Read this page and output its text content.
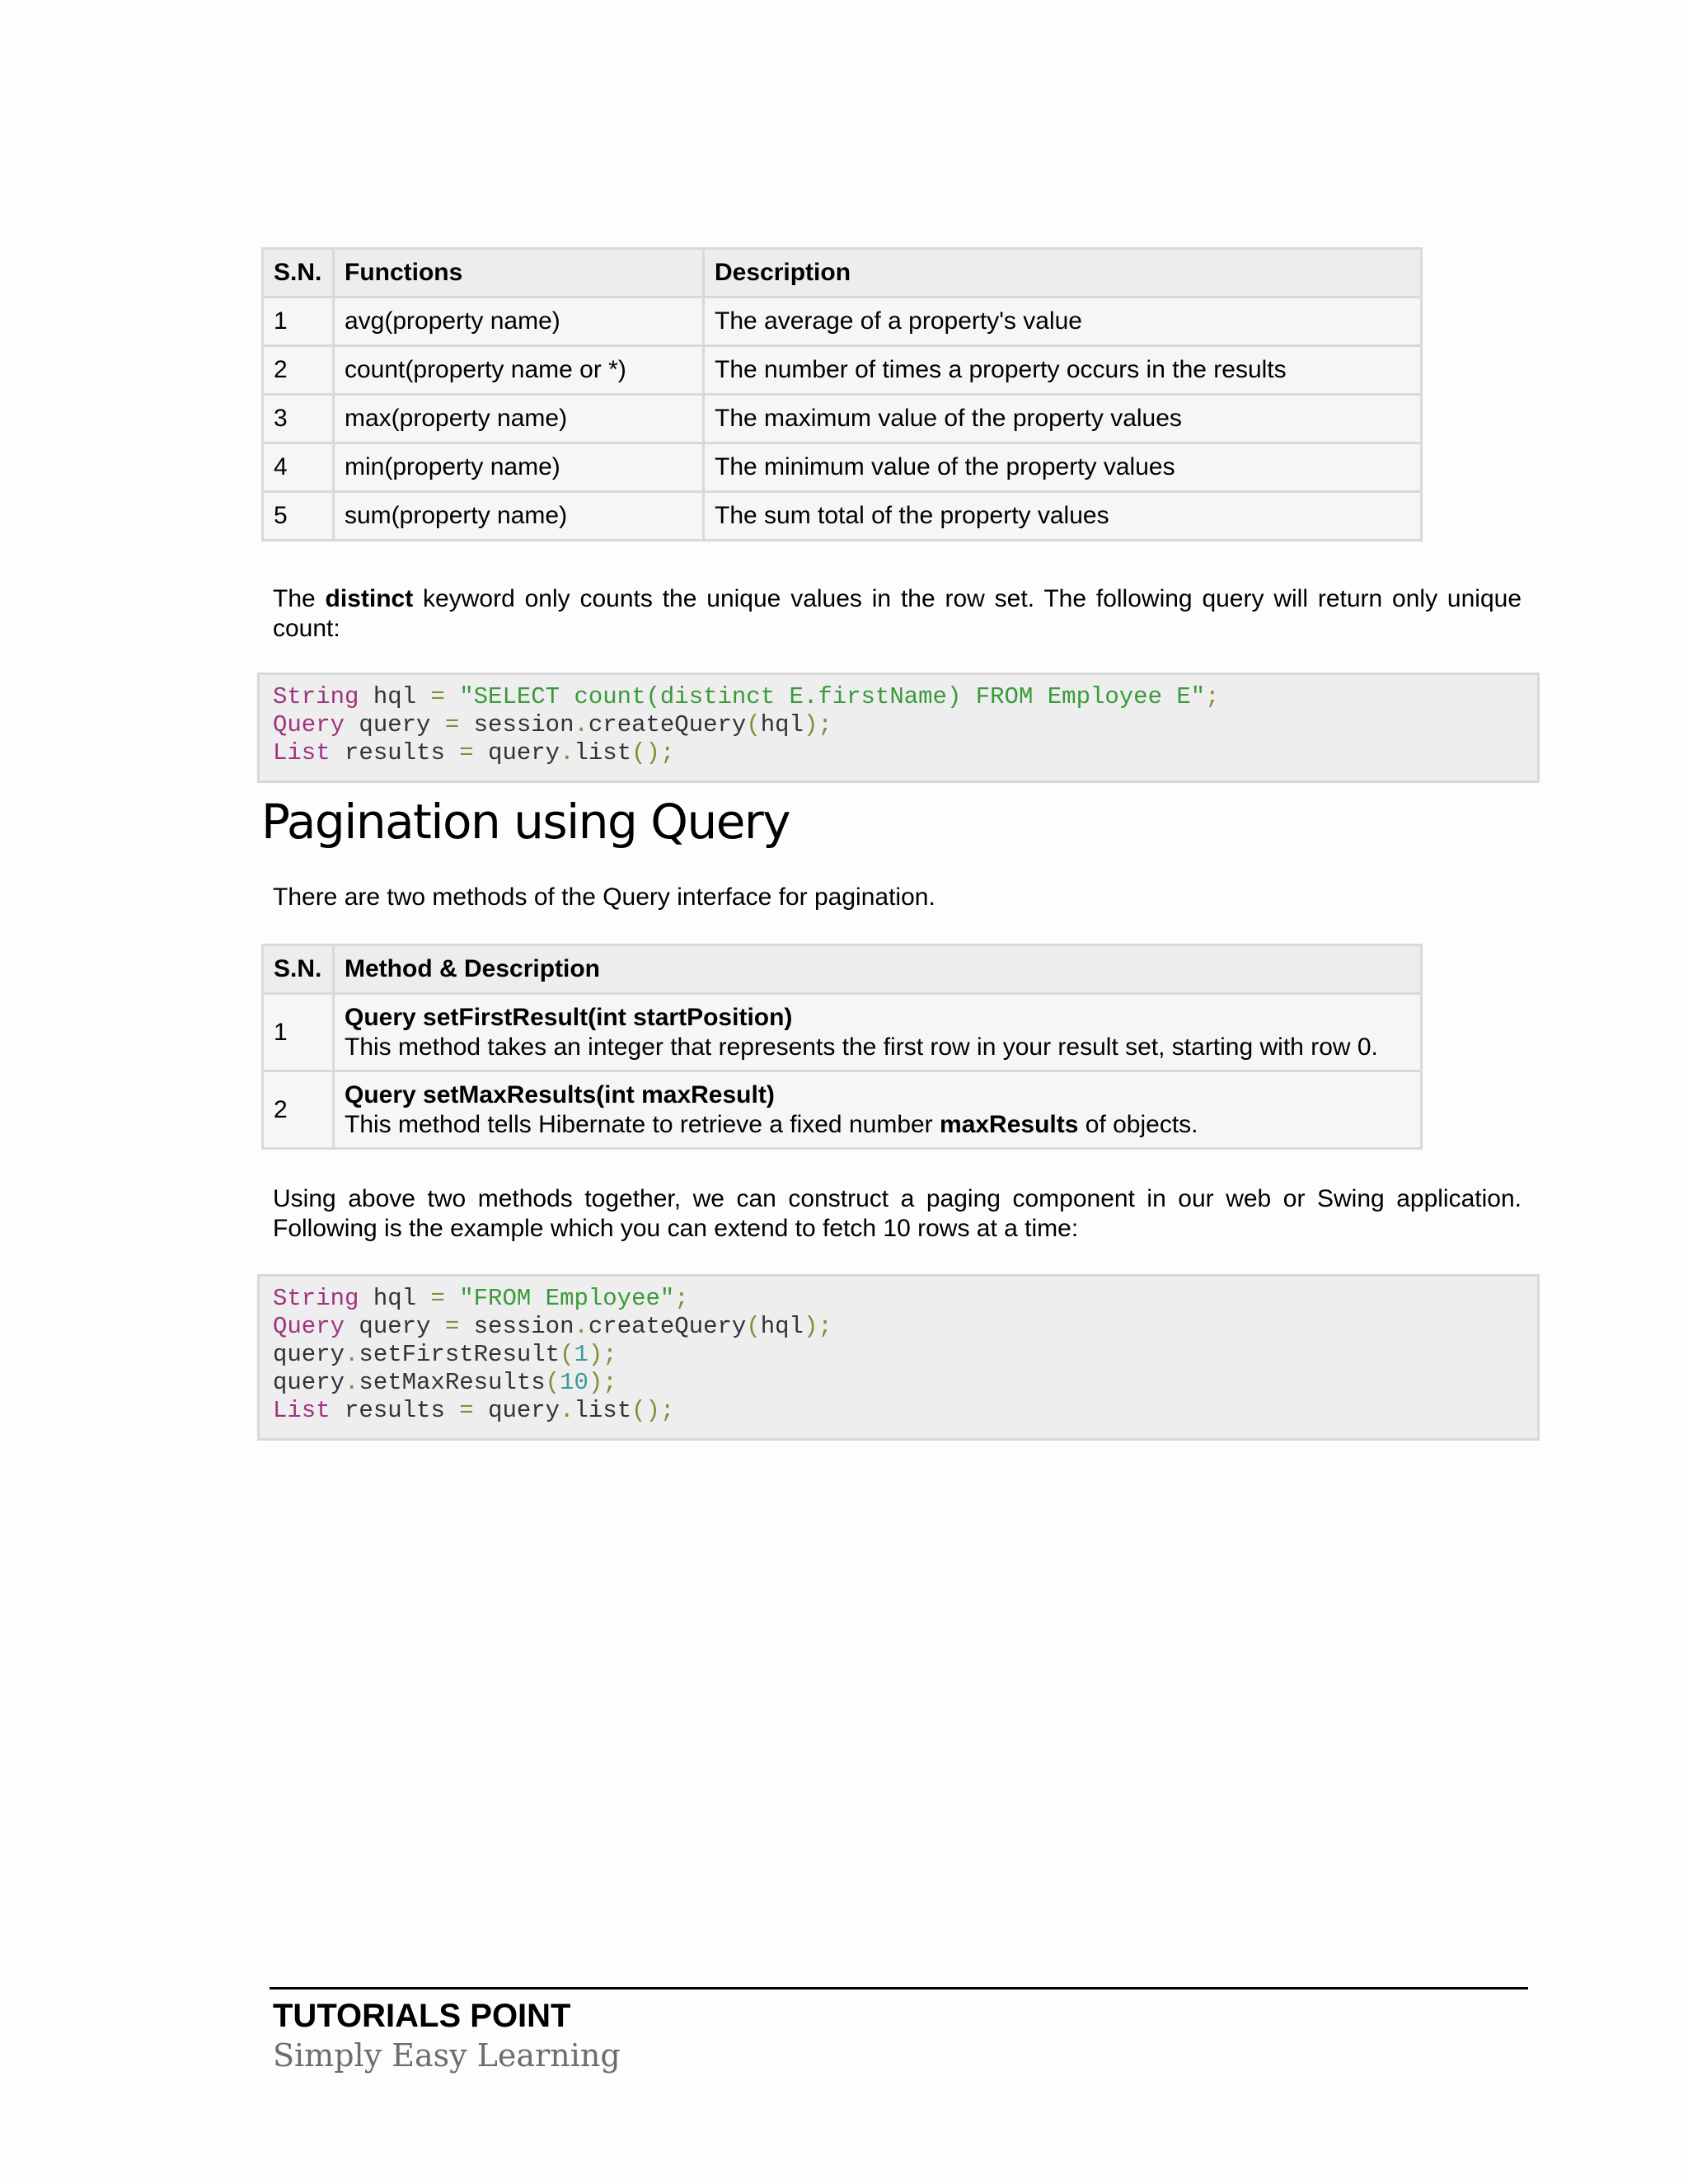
S.N.	Functions	Description
1	avg(property name)	The average of a property's value
2	count(property name or *)	The number of times a property occurs in the results
3	max(property name)	The maximum value of the property values
4	min(property name)	The minimum value of the property values
5	sum(property name)	The sum total of the property values

The distinct keyword only counts the unique values in the row set. The following query will return only unique count:

String hql = "SELECT count(distinct E.firstName) FROM Employee E";
Query query = session.createQuery(hql);
List results = query.list();
Pagination using Query

There are two methods of the Query interface for pagination.

S.N.	Method & Description
1	Query setFirstResult(int startPosition)
This method takes an integer that represents the first row in your result set, starting with row 0.
2	Query setMaxResults(int maxResult)
This method tells Hibernate to retrieve a fixed number maxResults of objects.

Using above two methods together, we can construct a paging component in our web or Swing application. Following is the example which you can extend to fetch 10 rows at a time:

String hql = "FROM Employee";
Query query = session.createQuery(hql);
query.setFirstResult(1);
query.setMaxResults(10);
List results = query.list();

TUTORIALS POINT

Simply Easy Learning
